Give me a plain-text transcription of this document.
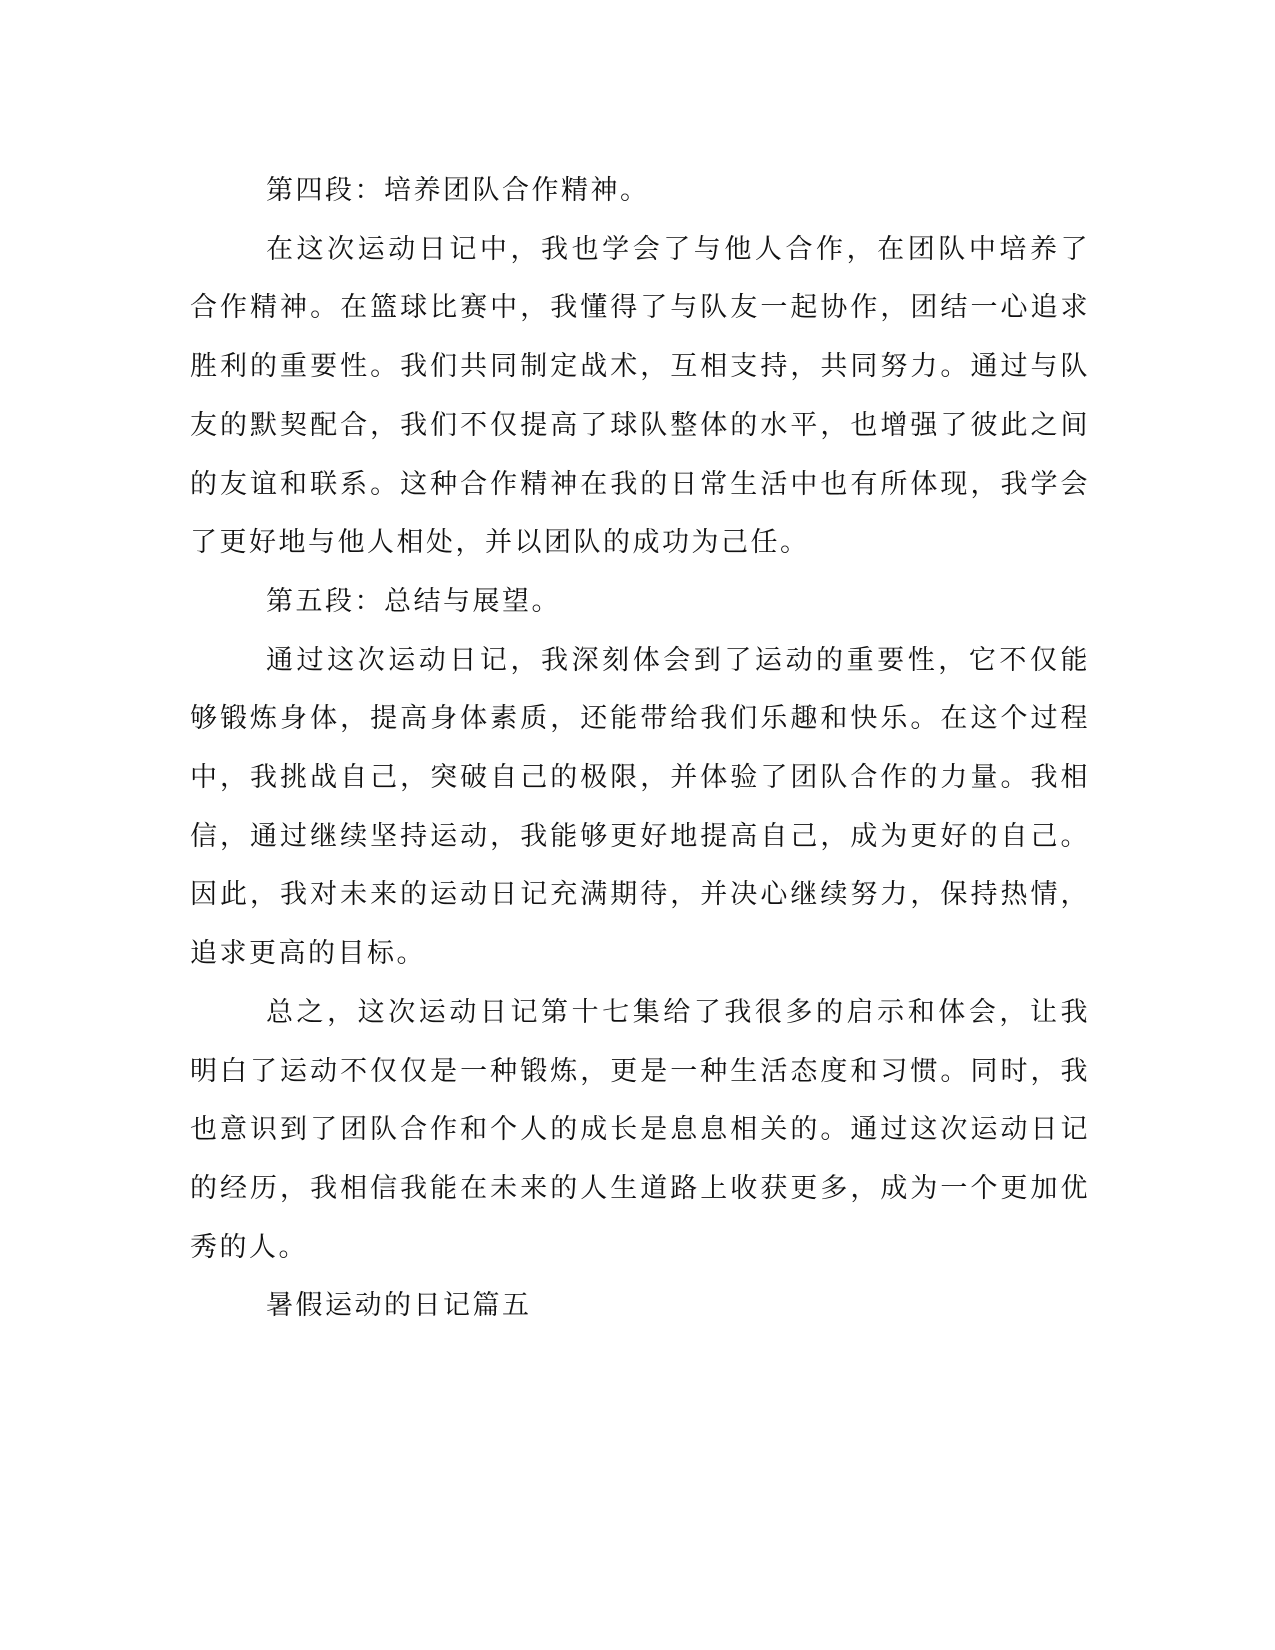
第四段：培养团队合作精神。

在这次运动日记中，我也学会了与他人合作，在团队中培养了合作精神。在篮球比赛中，我懂得了与队友一起协作，团结一心追求胜利的重要性。我们共同制定战术，互相支持，共同努力。通过与队友的默契配合，我们不仅提高了球队整体的水平，也增强了彼此之间的友谊和联系。这种合作精神在我的日常生活中也有所体现，我学会了更好地与他人相处，并以团队的成功为己任。

第五段：总结与展望。

通过这次运动日记，我深刻体会到了运动的重要性，它不仅能够锻炼身体，提高身体素质，还能带给我们乐趣和快乐。在这个过程中，我挑战自己，突破自己的极限，并体验了团队合作的力量。我相信，通过继续坚持运动，我能够更好地提高自己，成为更好的自己。因此，我对未来的运动日记充满期待，并决心继续努力，保持热情，追求更高的目标。

总之，这次运动日记第十七集给了我很多的启示和体会，让我明白了运动不仅仅是一种锻炼，更是一种生活态度和习惯。同时，我也意识到了团队合作和个人的成长是息息相关的。通过这次运动日记的经历，我相信我能在未来的人生道路上收获更多，成为一个更加优秀的人。

暑假运动的日记篇五
